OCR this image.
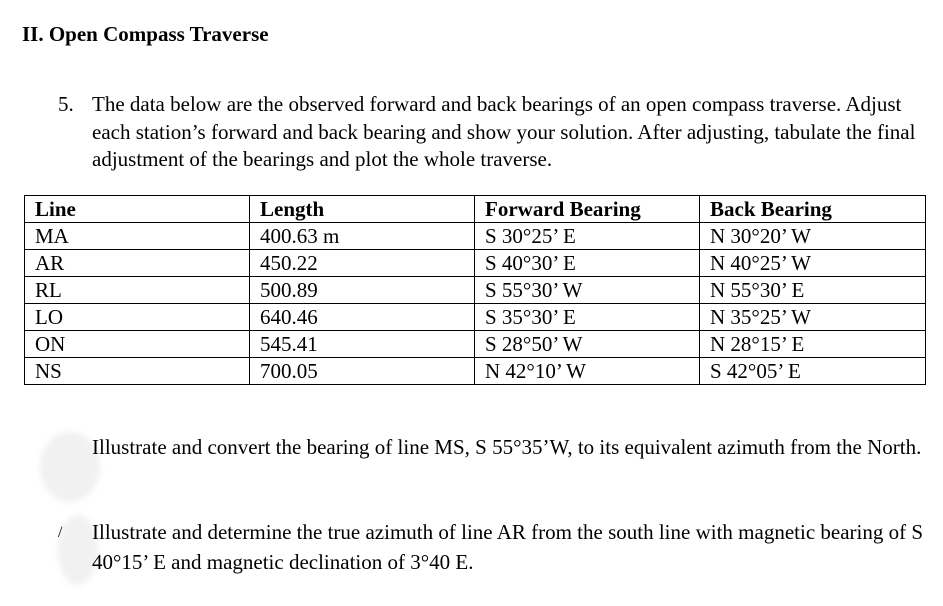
II. Open Compass Traverse
5. The data below are the observed forward and back bearings of an open compass traverse. Adjust each station’s forward and back bearing and show your solution. After adjusting, tabulate the final adjustment of the bearings and plot the whole traverse.
Line	Length	Forward Bearing	Back Bearing
MA	400.63 m	S 30°25’ E	N 30°20’ W
AR	450.22	S 40°30’ E	N 40°25’ W
RL	500.89	S 55°30’ W	N 55°30’ E
LO	640.46	S 35°30’ E	N 35°25’ W
ON	545.41	S 28°50’ W	N 28°15’ E
NS	700.05	N 42°10’ W	S 42°05’ E
Illustrate and convert the bearing of line MS, S 55°35’W, to its equivalent azimuth from the North.
/ Illustrate and determine the true azimuth of line AR from the south line with magnetic bearing of S 40°15’ E and magnetic declination of 3°40 E.
